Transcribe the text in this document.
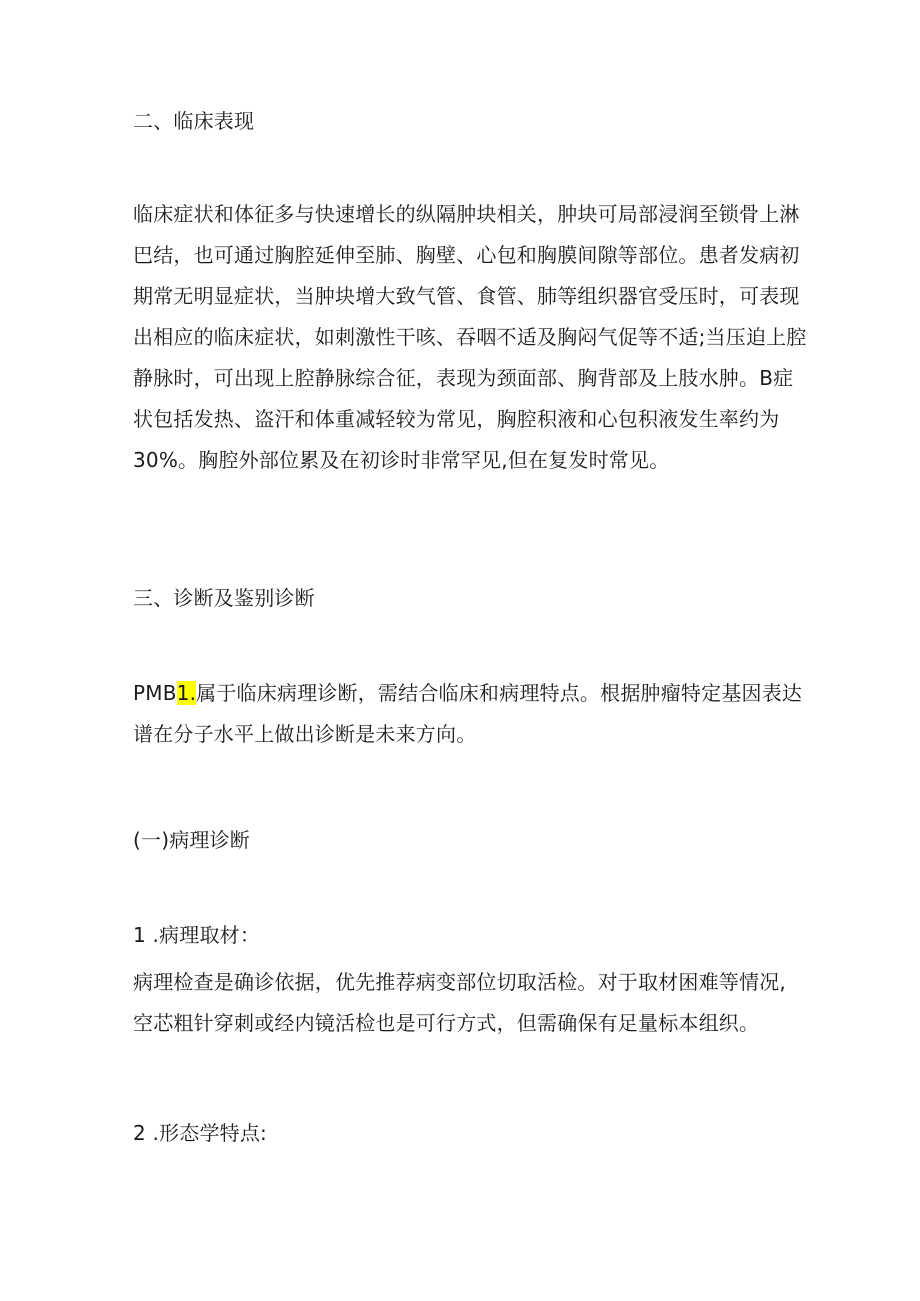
二、临床表现
临床症状和体征多与快速增长的纵隔肿块相关，肿块可局部浸润至锁骨上淋
巴结，也可通过胸腔延伸至肺、胸壁、心包和胸膜间隙等部位。患者发病初
期常无明显症状，当肿块增大致气管、食管、肺等组织器官受压时，可表现
出相应的临床症状，如刺激性干咳、吞咽不适及胸闷气促等不适;当压迫上腔
静脉时，可出现上腔静脉综合征，表现为颈面部、胸背部及上肢水肿。B症
状包括发热、盗汗和体重减轻较为常见，胸腔积液和心包积液发生率约为
30%。胸腔外部位累及在初诊时非常罕见,但在复发时常见。
三、诊断及鉴别诊断
PMB1.属于临床病理诊断，需结合临床和病理特点。根据肿瘤特定基因表达
谱在分子水平上做出诊断是未来方向。
(一)病理诊断
1 .病理取材：
病理检查是确诊依据，优先推荐病变部位切取活检。对于取材困难等情况,
空芯粗针穿刺或经内镜活检也是可行方式，但需确保有足量标本组织。
2 .形态学特点:
